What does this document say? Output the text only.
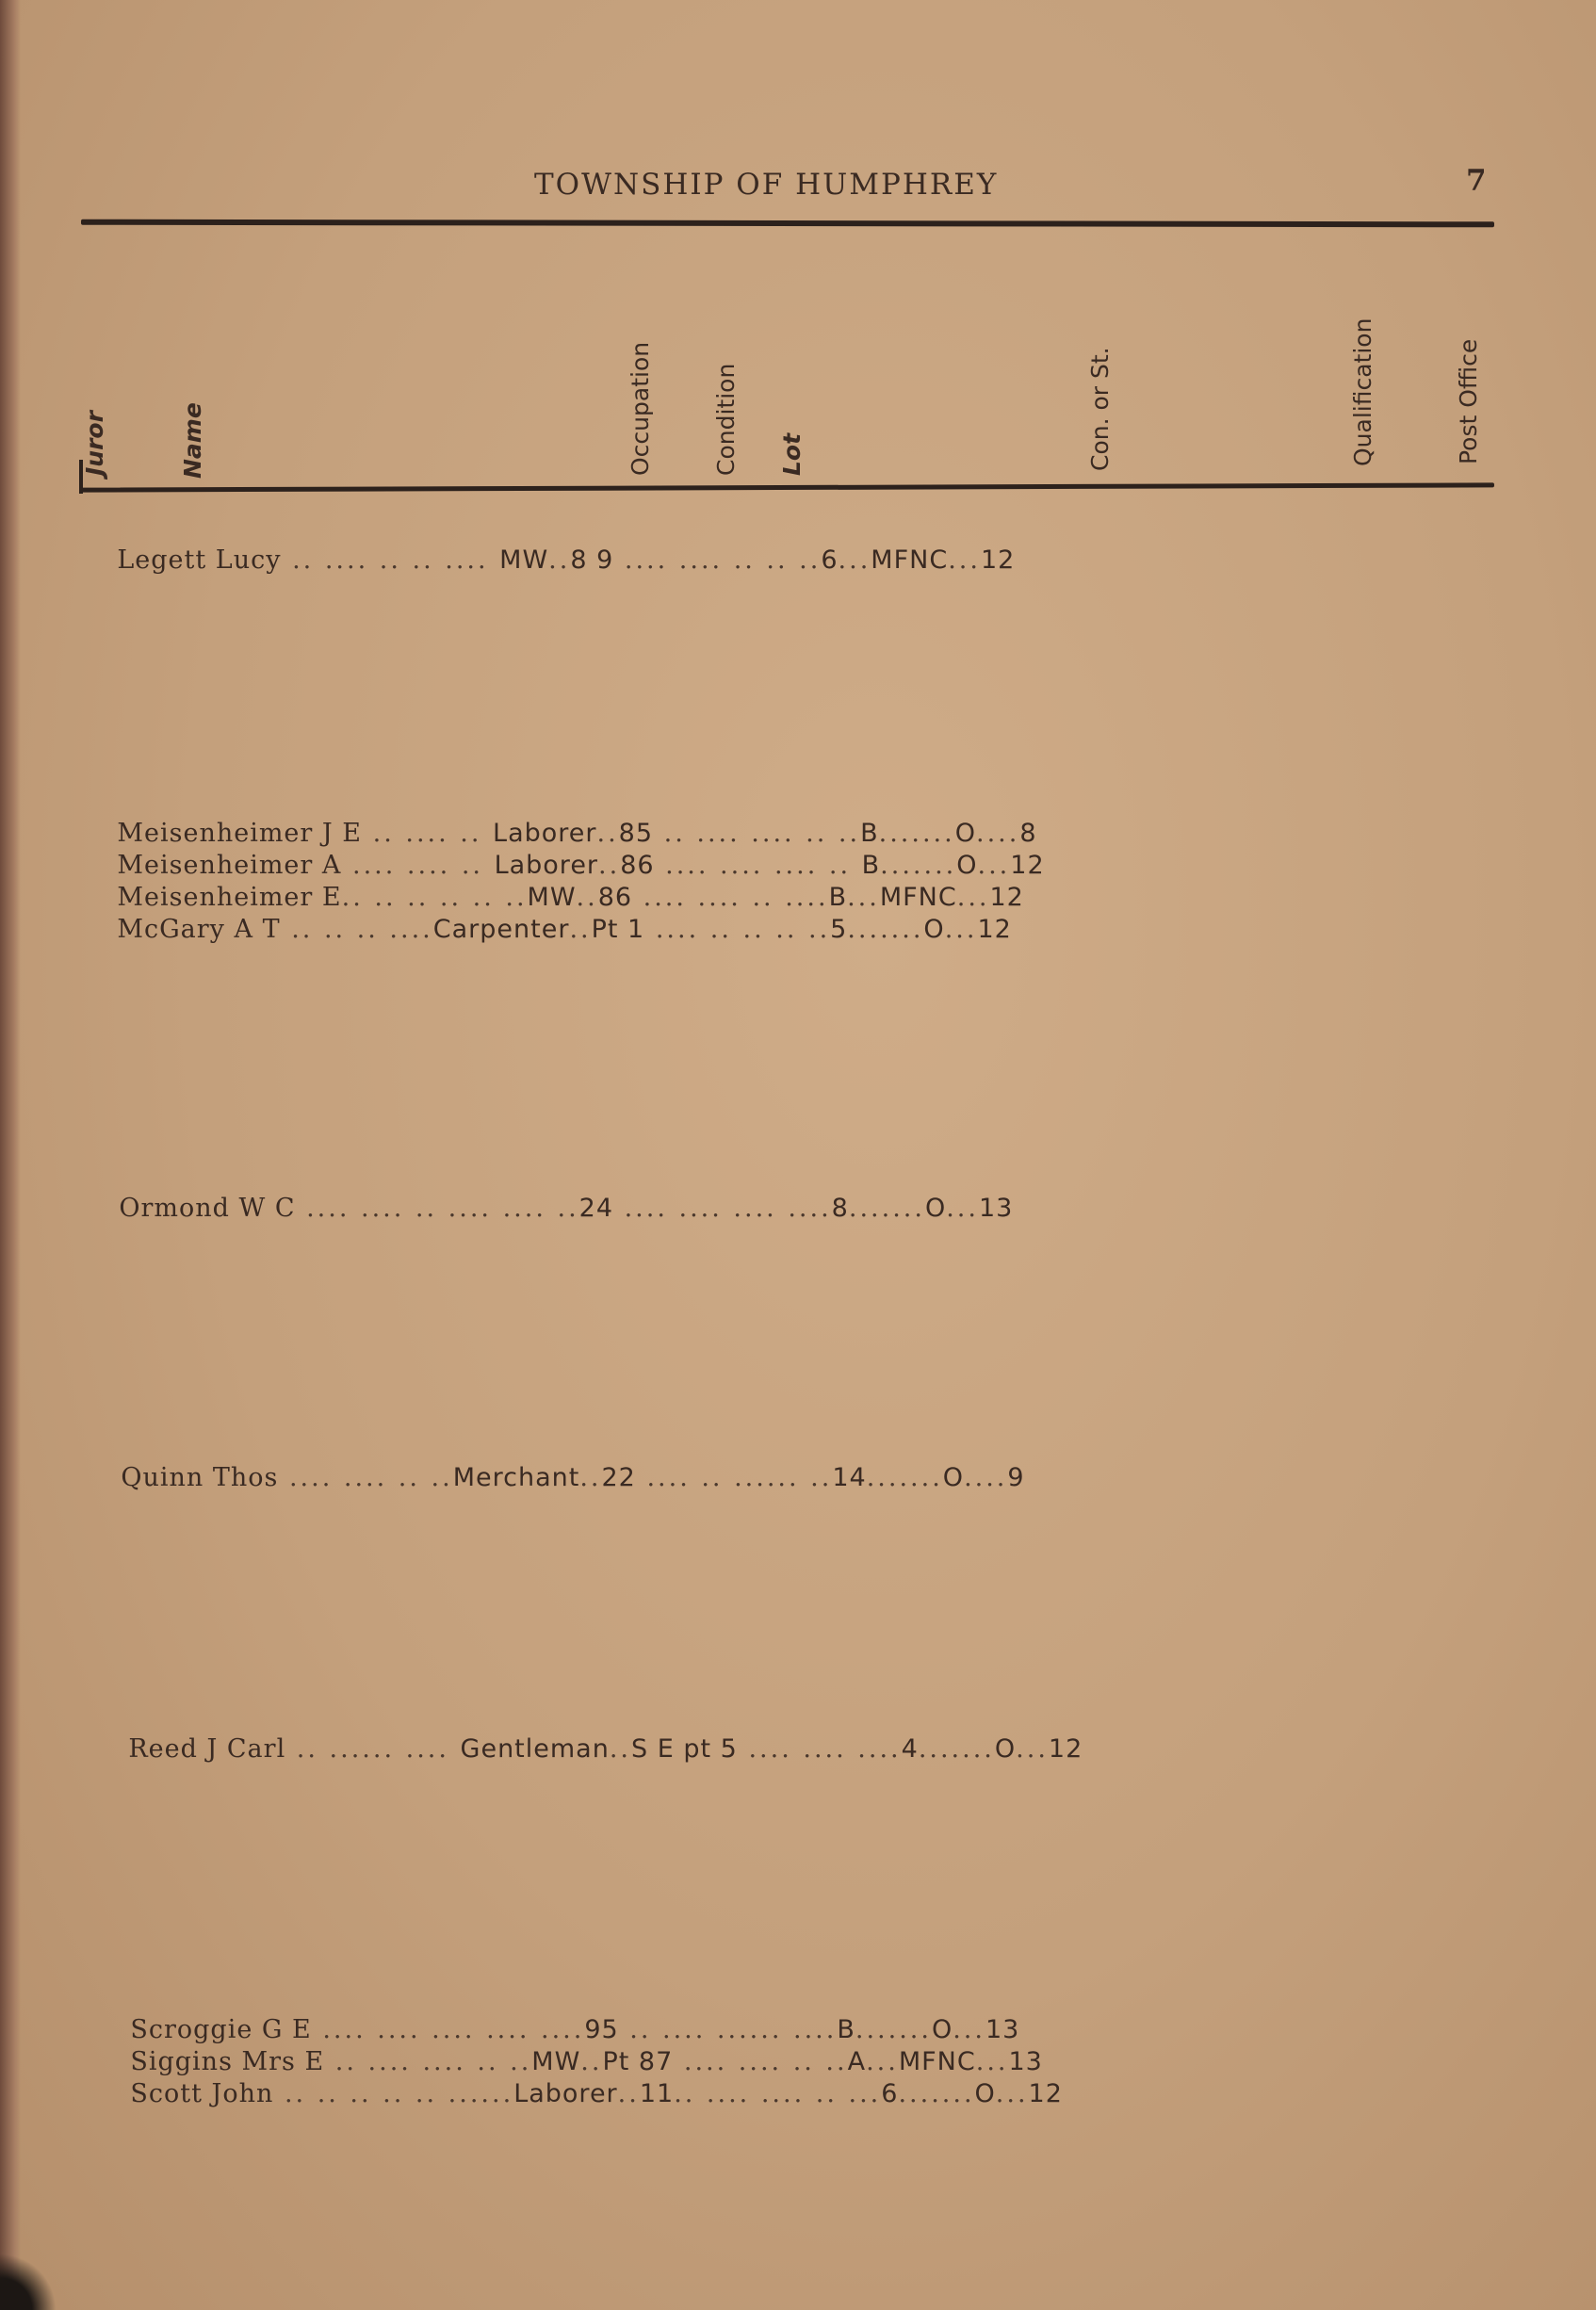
TOWNSHIP OF HUMPHREY	7
Juror	Name	Occupation Condition Lot	Con. or St.	Qualification	Post Office

Legett Lucy .. .... .. .. .... MW..8 9 .... .... .. .. ..6...MFNC...12

Meisenheimer J E .. .... .. Laborer..85 .. .... .... .. ..B.......O....8

Meisenheimer A .... .... .. Laborer..86 .... .... .... .. B.......O...12

Meisenheimer E.. .. .. .. .. ..MW..86 .... .... .. ....B...MFNC...12

McGary A T .. .. .. ....Carpenter..Pt 1 .... .. .. .. ..5.......O...12

Ormond W C .... .... .. .... .... ..24 .... .... .... ....8.......O...13

Quinn Thos .... .... .. ..Merchant..22 .... .. ...... ..14.......O....9

Reed J Carl .. ...... .... Gentleman..S E pt 5 .... .... ....4.......O...12

Scroggie G E .... .... .... .... ....95 .. .... ...... ....B.......O...13

Siggins Mrs E .. .... .... .. ..MW..Pt 87 .... .... .. ..A...MFNC...13

Scott John .. .. .. .. .. ......Laborer..11.. .... .... .. ...6.......O...12
